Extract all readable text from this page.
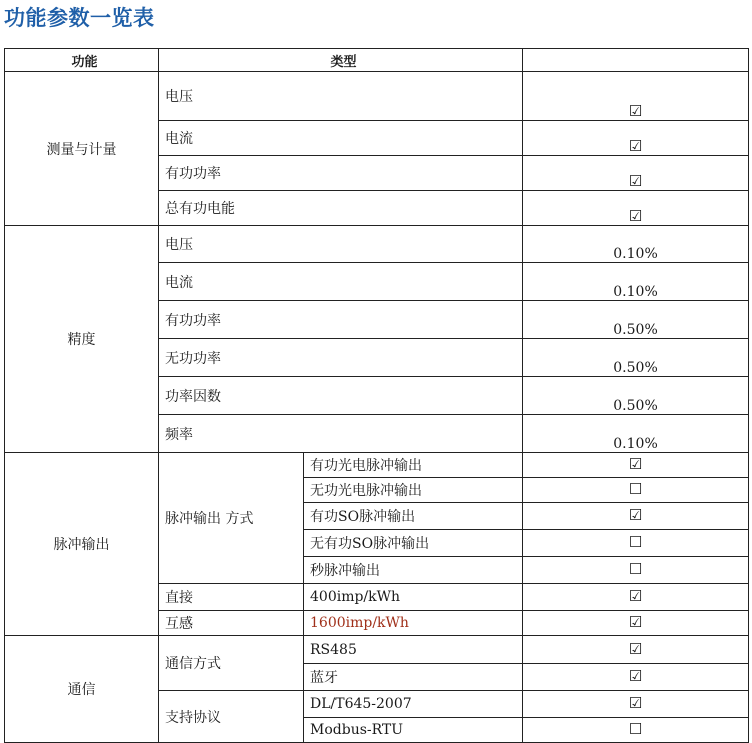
功能参数一览表
功能	类型		
测量与计量	电压		☑
	电流		☑
	有功功率		☑
	总有功电能		☑
精度	电压		0.10%
	电流		0.10%
	有功功率		0.50%
	无功功率		0.50%
	功率因数		0.50%
	频率		0.10%
脉冲输出	脉冲输出 方式	有功光电脉冲输出	☑
		无功光电脉冲输出	☐
		有功SO脉冲输出	☑
		无有功SO脉冲输出	☐
		秒脉冲输出	☐
	直接	400imp/kWh	☑
	互感	1600imp/kWh	☑
通信	通信方式	RS485	☑
		蓝牙	☑
	支持协议	DL/T645-2007	☑
		Modbus-RTU	☐
